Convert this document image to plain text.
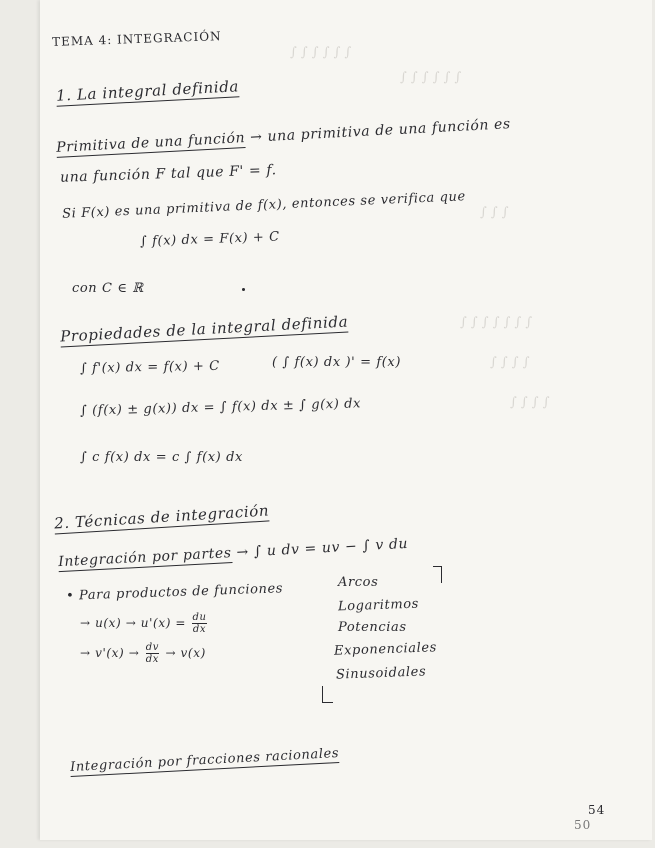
∫ ∫ ∫ ∫ ∫ ∫
∫ ∫ ∫ ∫ ∫ ∫
∫ ∫ ∫
∫ ∫ ∫ ∫ ∫ ∫ ∫
∫ ∫ ∫ ∫
∫ ∫ ∫ ∫
TEMA 4: INTEGRACIÓN
1. La integral definida
Primitiva de una función → una primitiva de una función es
una función F tal que F' = f.
Si F(x) es una primitiva de f(x), entonces se verifica que
∫ f(x) dx = F(x) + C
con C ∈ ℝ
Propiedades de la integral definida
∫ f'(x) dx = f(x) + C	( ∫ f(x) dx )' = f(x)
∫ (f(x) ± g(x)) dx = ∫ f(x) dx ± ∫ g(x) dx
∫ c f(x) dx = c ∫ f(x) dx
2. Técnicas de integración
Integración por partes → ∫ u dv = uv − ∫ v du
• Para productos de funciones
→ $u(x) \to u'(x) = \frac{du}{dx}$
→ $v'(x) \to \frac{dv}{dx} \to v(x)$
Arcos
Logaritmos
Potencias
Exponenciales
Sinusoidales
Integración por fracciones racionales
54
50
